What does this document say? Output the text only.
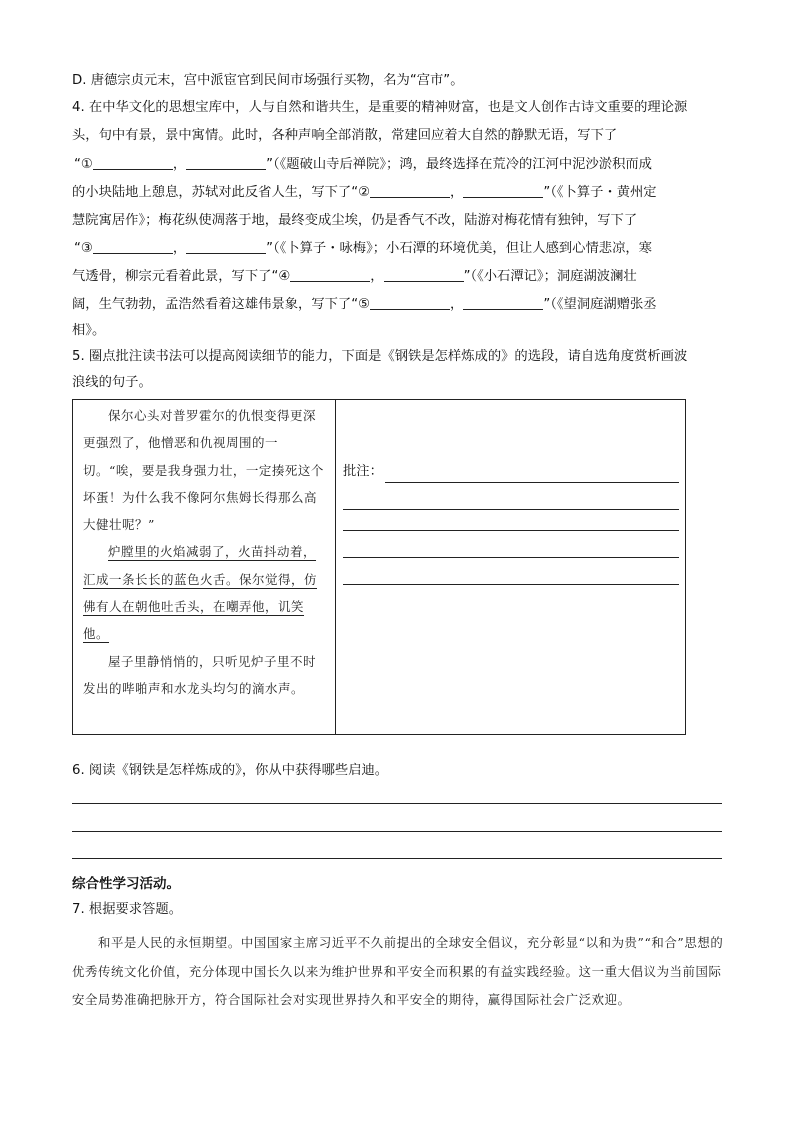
D. 唐德宗贞元末，宫中派宦官到民间市场强行买物，名为“宫市”。
4. 在中华文化的思想宝库中，人与自然和谐共生，是重要的精神财富，也是文人创作古诗文重要的理论源
头，句中有景，景中寓情。此时，各种声响全部消散，常建回应着大自然的静默无语，写下了
“①	，	”（《题破山寺后禅院》；鸿，最终选择在荒冷的江河中泥沙淤积而成
的小块陆地上憩息，苏轼对此反省人生，写下了“②	，	”（《卜算子・黄州定
慧院寓居作》；梅花纵使凋落于地，最终变成尘埃，仍是香气不改，陆游对梅花情有独钟，写下了
“③	，	”（《卜算子・咏梅》；小石潭的环境优美，但让人感到心情悲凉，寒
气透骨，柳宗元看着此景，写下了“④	，	”（《小石潭记》；洞庭湖波澜壮
阔，生气勃勃，孟浩然看着这雄伟景象，写下了“⑤	，	”（《望洞庭湖赠张丞
相》。
5. 圈点批注读书法可以提高阅读细节的能力，下面是《钢铁是怎样炼成的》的选段，请自选角度赏析画波
浪线的句子。

保尔心头对普罗霍尔的仇恨变得更深更强烈了，他憎恶和仇视周围的一切。“唉，要是我身强力壮，一定揍死这个坏蛋！为什么我不像阿尔焦姆长得那么高大健壮呢？”

炉膛里的火焰减弱了，火苗抖动着，汇成一条长长的蓝色火舌。保尔觉得，仿佛有人在朝他吐舌头，在嘲弄他，讥笑他。

屋子里静悄悄的，只听见炉子里不时发出的哔啪声和水龙头均匀的滴水声。

批注：
6. 阅读《钢铁是怎样炼成的》，你从中获得哪些启迪。
综合性学习活动。
7. 根据要求答题。
和平是人民的永恒期望。中国国家主席习近平不久前提出的全球安全倡议，充分彰显“以和为贵”“和合”思想的优秀传统文化价值，充分体现中国长久以来为维护世界和平安全而积累的有益实践经验。这一重大倡议为当前国际安全局势准确把脉开方，符合国际社会对实现世界持久和平安全的期待，赢得国际社会广泛欢迎。
